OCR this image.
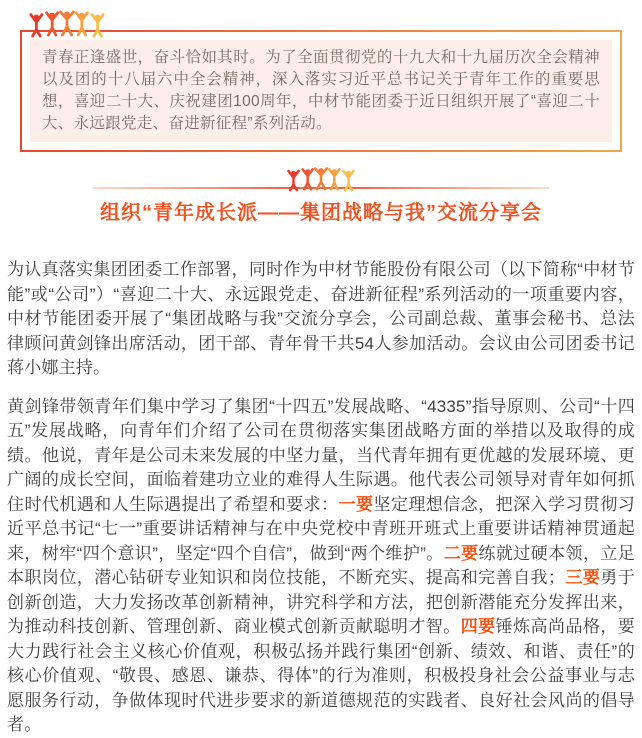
青春正逢盛世，奋斗恰如其时。为了全面贯彻党的十九大和十九届历次全会精神以及团的十八届六中全会精神，深入落实习近平总书记关于青年工作的重要思想，喜迎二十大、庆祝建团100周年，中材节能团委于近日组织开展了“喜迎二十大、永远跟党走、奋进新征程”系列活动。

组织“青年成长派——集团战略与我”交流分享会

为认真落实集团团委工作部署，同时作为中材节能股份有限公司（以下简称“中材节能”或“公司”）“喜迎二十大、永远跟党走、奋进新征程”系列活动的一项重要内容，中材节能团委开展了“集团战略与我”交流分享会，公司副总裁、董事会秘书、总法律顾问黄剑锋出席活动，团干部、青年骨干共54人参加活动。会议由公司团委书记蒋小娜主持。

黄剑锋带领青年们集中学习了集团“十四五”发展战略、“4335”指导原则、公司“十四五”发展战略，向青年们介绍了公司在贯彻落实集团战略方面的举措以及取得的成绩。他说，青年是公司未来发展的中坚力量，当代青年拥有更优越的发展环境、更广阔的成长空间，面临着建功立业的难得人生际遇。他代表公司领导对青年如何抓住时代机遇和人生际遇提出了希望和要求：一要坚定理想信念，把深入学习贯彻习近平总书记“七一”重要讲话精神与在中央党校中青班开班式上重要讲话精神贯通起来，树牢“四个意识”，坚定“四个自信”，做到“两个维护”。二要练就过硬本领，立足本职岗位，潜心钻研专业知识和岗位技能，不断充实、提高和完善自我；三要勇于创新创造，大力发扬改革创新精神，讲究科学和方法，把创新潜能充分发挥出来，为推动科技创新、管理创新、商业模式创新贡献聪明才智。四要锤炼高尚品格，要大力践行社会主义核心价值观，积极弘扬并践行集团“创新、绩效、和谐、责任”的核心价值观、“敬畏、感恩、谦恭、得体”的行为准则，积极投身社会公益事业与志愿服务行动，争做体现时代进步要求的新道德规范的实践者、良好社会风尚的倡导者。
